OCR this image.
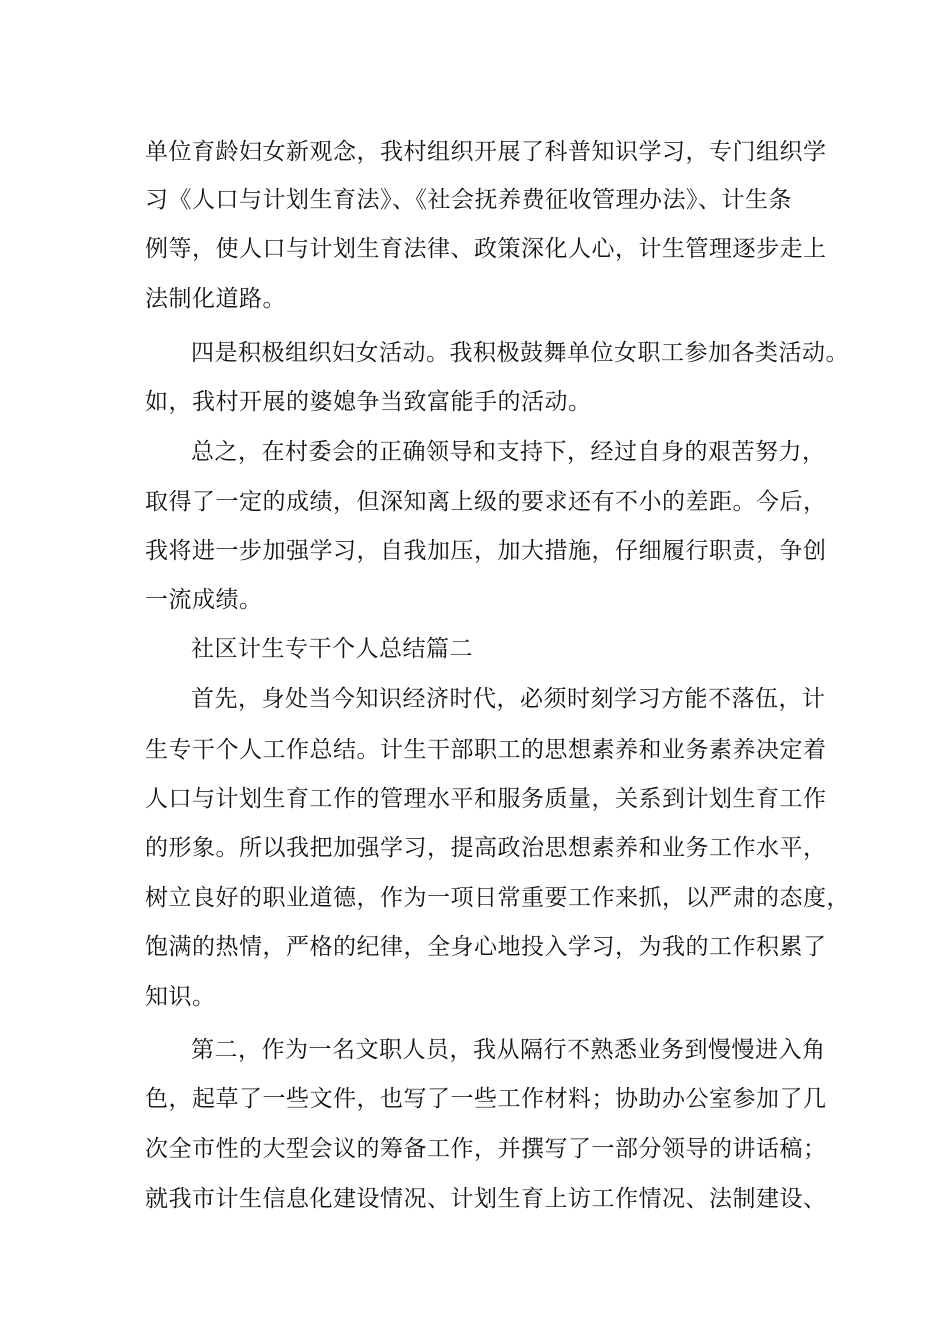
单位育龄妇女新观念，我村组织开展了科普知识学习，专门组织学
习《人口与计划生育法》、《社会抚养费征收管理办法》、计生条
例等，使人口与计划生育法律、政策深化人心，计生管理逐步走上
法制化道路。
四是积极组织妇女活动。我积极鼓舞单位女职工参加各类活动。
如，我村开展的婆媳争当致富能手的活动。
总之，在村委会的正确领导和支持下，经过自身的艰苦努力，
取得了一定的成绩，但深知离上级的要求还有不小的差距。今后，
我将进一步加强学习，自我加压，加大措施，仔细履行职责，争创
一流成绩。
社区计生专干个人总结篇二
首先，身处当今知识经济时代，必须时刻学习方能不落伍，计
生专干个人工作总结。计生干部职工的思想素养和业务素养决定着
人口与计划生育工作的管理水平和服务质量，关系到计划生育工作
的形象。所以我把加强学习，提高政治思想素养和业务工作水平，
树立良好的职业道德，作为一项日常重要工作来抓，以严肃的态度，
饱满的热情，严格的纪律，全身心地投入学习，为我的工作积累了
知识。
第二，作为一名文职人员，我从隔行不熟悉业务到慢慢进入角
色，起草了一些文件，也写了一些工作材料；协助办公室参加了几
次全市性的大型会议的筹备工作，并撰写了一部分领导的讲话稿；
就我市计生信息化建设情况、计划生育上访工作情况、法制建设、
